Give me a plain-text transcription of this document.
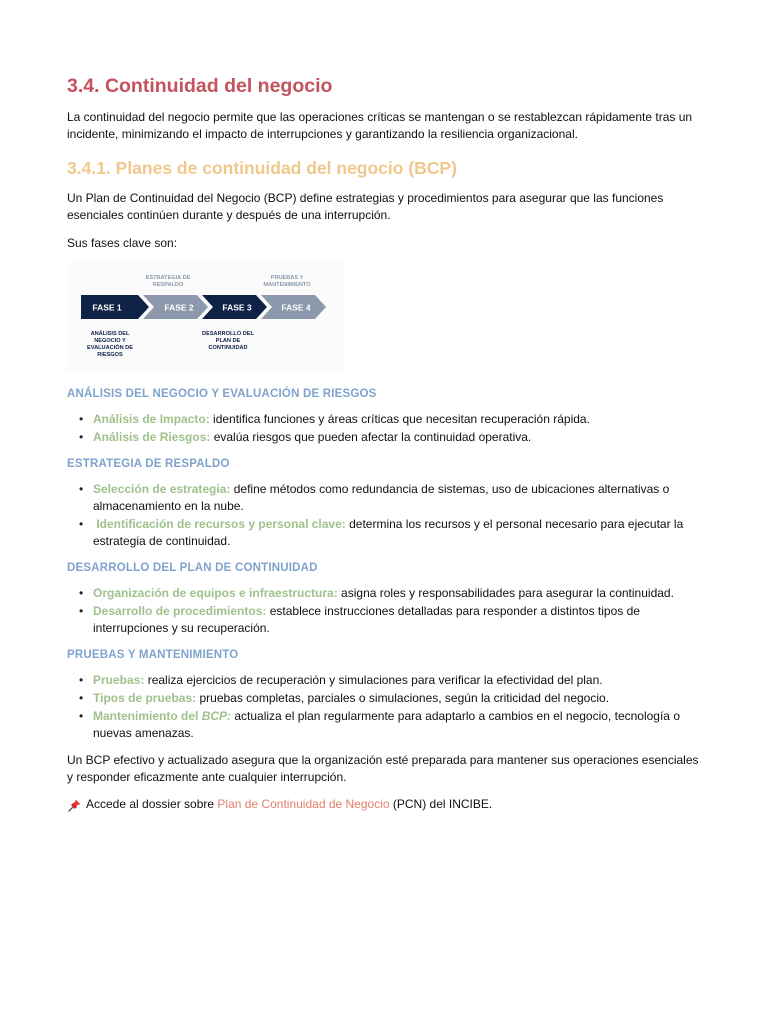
3.4. Continuidad del negocio

La continuidad del negocio permite que las operaciones críticas se mantengan o se restablezcan rápidamente tras un incidente, minimizando el impacto de interrupciones y garantizando la resiliencia organizacional.

3.4.1. Planes de continuidad del negocio (BCP)

Un Plan de Continuidad del Negocio (BCP) define estrategias y procedimientos para asegurar que las funciones esenciales continúen durante y después de una interrupción.

Sus fases clave son:

ESTRATEGIA DE
RESPALDO
PRUEBAS Y
MANTENIMIENTO
FASE 1	FASE 2	FASE 3	FASE 4
ANÁLISIS DEL
NEGOCIO Y
EVALUACIÓN DE
RIESGOS
DESARROLLO DEL
PLAN DE
CONTINUIDAD
ANÁLISIS DEL NEGOCIO Y EVALUACIÓN DE RIESGOS
• Análisis de Impacto: identifica funciones y áreas críticas que necesitan recuperación rápida.
• Análisis de Riesgos: evalúa riesgos que pueden afectar la continuidad operativa.
ESTRATEGIA DE RESPALDO
• Selección de estrategia: define métodos como redundancia de sistemas, uso de ubicaciones alternativas o almacenamiento en la nube.
•  Identificación de recursos y personal clave: determina los recursos y el personal necesario para ejecutar la estrategia de continuidad.
DESARROLLO DEL PLAN DE CONTINUIDAD
• Organización de equipos e infraestructura: asigna roles y responsabilidades para asegurar la continuidad.
• Desarrollo de procedimientos: establece instrucciones detalladas para responder a distintos tipos de interrupciones y su recuperación.
PRUEBAS Y MANTENIMIENTO
• Pruebas: realiza ejercicios de recuperación y simulaciones para verificar la efectividad del plan.
• Tipos de pruebas: pruebas completas, parciales o simulaciones, según la criticidad del negocio.
• Mantenimiento del BCP: actualiza el plan regularmente para adaptarlo a cambios en el negocio, tecnología o nuevas amenazas.

Un BCP efectivo y actualizado asegura que la organización esté preparada para mantener sus operaciones esenciales y responder eficazmente ante cualquier interrupción.

Accede al dossier sobre Plan de Continuidad de Negocio (PCN) del INCIBE.
